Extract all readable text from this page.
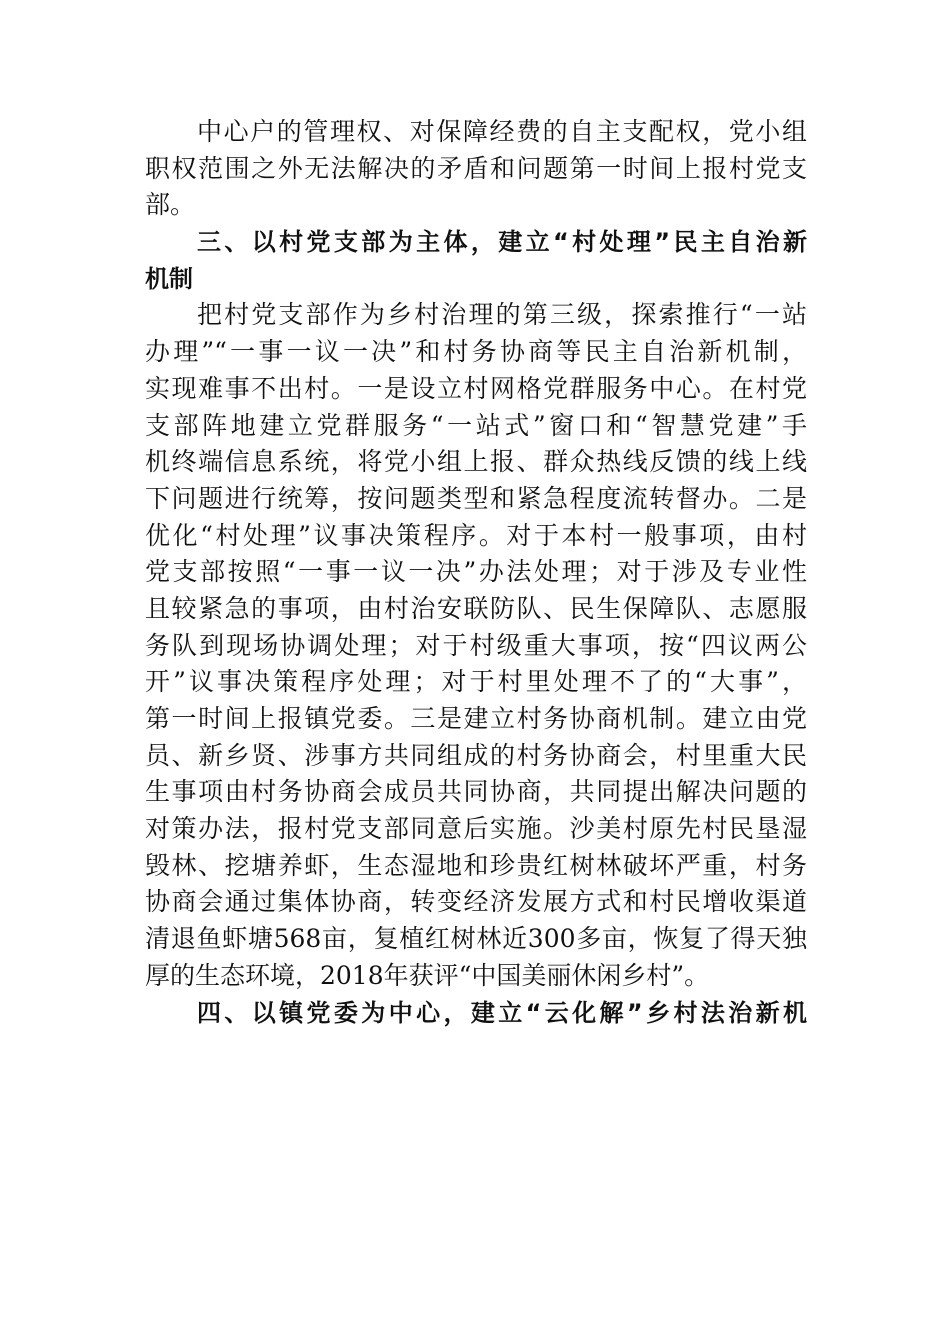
中心户的管理权、对保障经费的自主支配权，党小组
职权范围之外无法解决的矛盾和问题第一时间上报村党支
部。
三、以村党支部为主体，建立“村处理”民主自治新
机制
把村党支部作为乡村治理的第三级，探索推行“一站
办理”“一事一议一决”和村务协商等民主自治新机制，
实现难事不出村。一是设立村网格党群服务中心。在村党
支部阵地建立党群服务“一站式”窗口和“智慧党建”手
机终端信息系统，将党小组上报、群众热线反馈的线上线
下问题进行统筹，按问题类型和紧急程度流转督办。二是
优化“村处理”议事决策程序。对于本村一般事项，由村
党支部按照“一事一议一决”办法处理；对于涉及专业性
且较紧急的事项，由村治安联防队、民生保障队、志愿服
务队到现场协调处理；对于村级重大事项，按“四议两公
开”议事决策程序处理；对于村里处理不了的“大事”，
第一时间上报镇党委。三是建立村务协商机制。建立由党
员、新乡贤、涉事方共同组成的村务协商会，村里重大民
生事项由村务协商会成员共同协商，共同提出解决问题的
对策办法，报村党支部同意后实施。沙美村原先村民垦湿
毁林、挖塘养虾，生态湿地和珍贵红树林破坏严重，村务
协商会通过集体协商，转变经济发展方式和村民增收渠道
清退鱼虾塘568亩，复植红树林近300多亩，恢复了得天独
厚的生态环境，2018年获评“中国美丽休闲乡村”。
四、以镇党委为中心，建立“云化解”乡村法治新机
